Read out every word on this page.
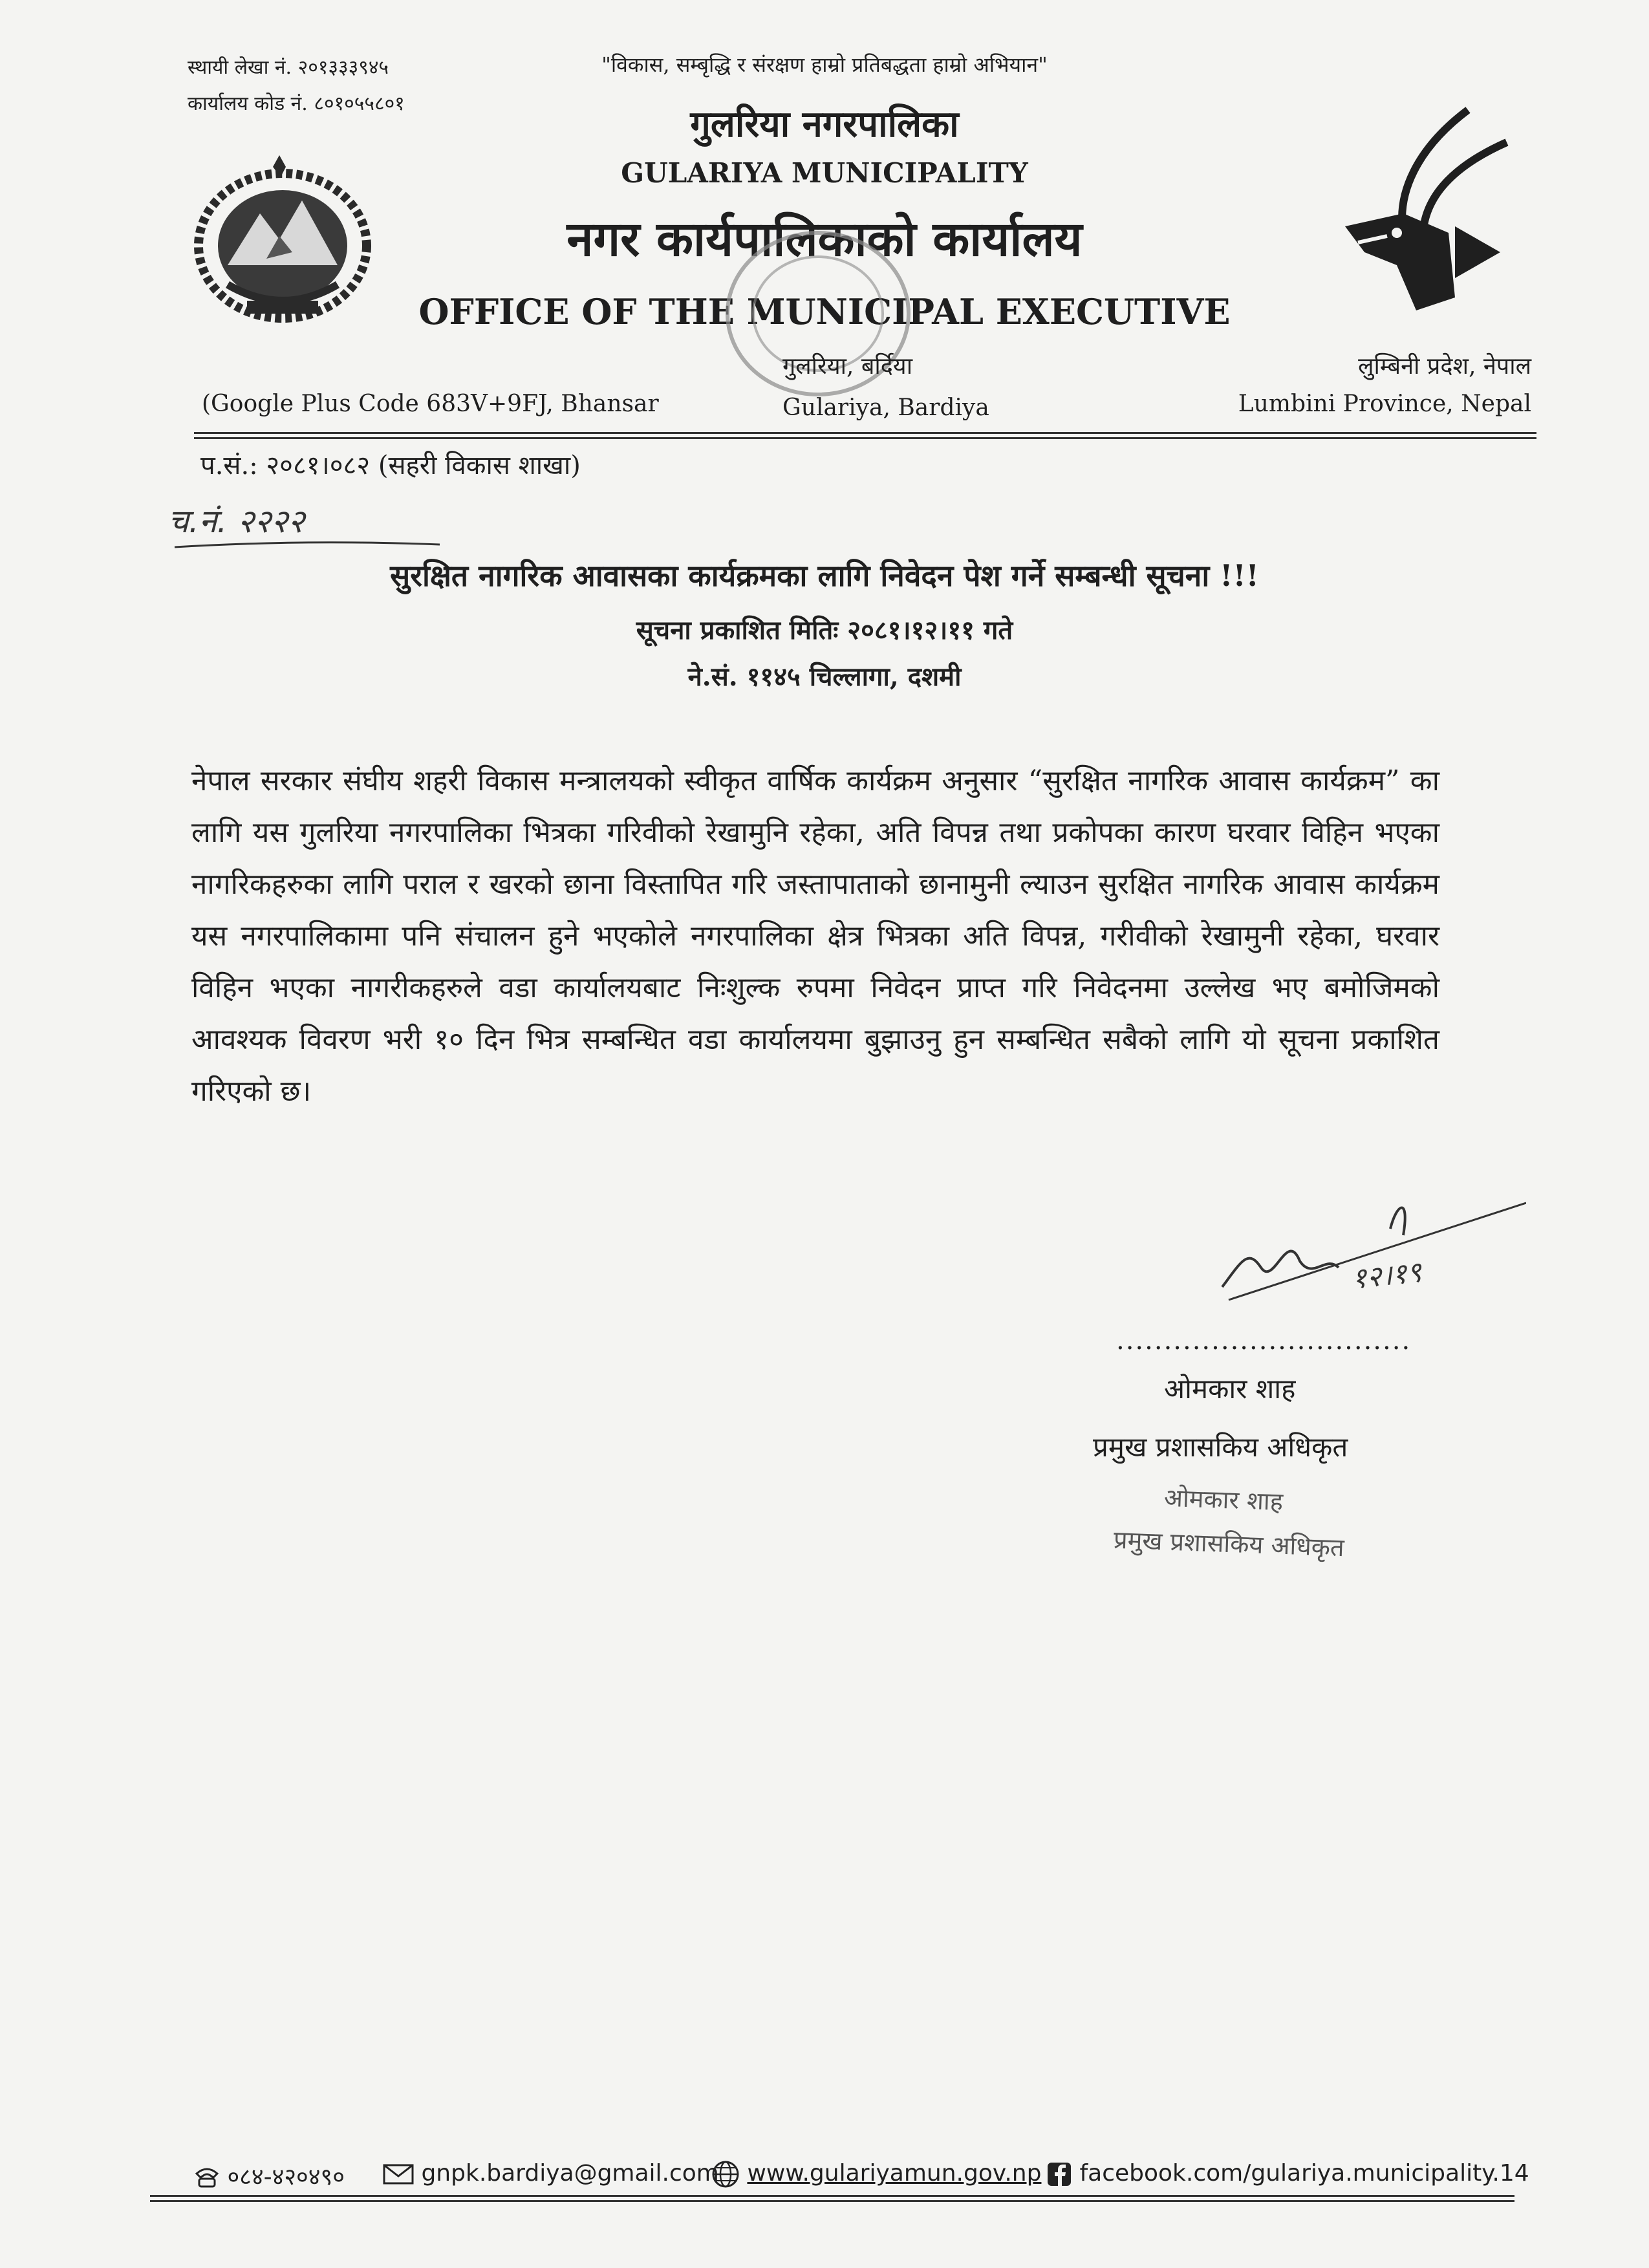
स्थायी लेखा नं. २०१३३३९४५
कार्यालय कोड नं. ८०१०५५८०१
"विकास, सम्बृद्धि र संरक्षण हाम्रो प्रतिबद्धता हाम्रो अभियान"
गुलरिया नगरपालिका
GULARIYA MUNICIPALITY
नगर कार्यपालिकाको कार्यालय
OFFICE OF THE MUNICIPAL EXECUTIVE
(Google Plus Code 683V+9FJ, Bhansar
गुलरिया, बर्दिया
Gulariya, Bardiya
लुम्बिनी प्रदेश, नेपाल
Lumbini Province, Nepal
प.सं.: २०८१।०८२ (सहरी विकास शाखा)
च.नं. २२२२
सुरक्षित नागरिक आवासका कार्यक्रमका लागि निवेदन पेश गर्ने सम्बन्धी सूचना !!!
सूचना प्रकाशित मितिः २०८१।१२।११ गते
ने.सं. ११४५ चिल्लागा, दशमी
नेपाल सरकार संघीय शहरी विकास मन्त्रालयको स्वीकृत वार्षिक कार्यक्रम अनुसार “सुरक्षित नागरिक आवास कार्यक्रम” का लागि यस गुलरिया नगरपालिका भित्रका गरिवीको रेखामुनि रहेका, अति विपन्न तथा प्रकोपका कारण घरवार विहिन भएका नागरिकहरुका लागि पराल र खरको छाना विस्तापित गरि जस्तापाताको छानामुनी ल्याउन सुरक्षित नागरिक आवास कार्यक्रम यस नगरपालिकामा पनि संचालन हुने भएकोले नगरपालिका क्षेत्र भित्रका अति विपन्न, गरीवीको रेखामुनी रहेका, घरवार विहिन भएका नागरीकहरुले वडा कार्यालयबाट निःशुल्क रुपमा निवेदन प्राप्त गरि निवेदनमा उल्लेख भए बमोजिमको आवश्यक विवरण भरी १० दिन भित्र सम्बन्धित वडा कार्यालयमा बुझाउनु हुन सम्बन्धित सबैको लागि यो सूचना प्रकाशित गरिएको छ।
१२।१९
...............................
ओमकार शाह
प्रमुख प्रशासकिय अधिकृत
ओमकार शाह
प्रमुख प्रशासकिय अधिकृत
०८४-४२०४९०	gnpk.bardiya@gmail.com	www.gulariyamun.gov.np	facebook.com/gulariya.municipality.14
